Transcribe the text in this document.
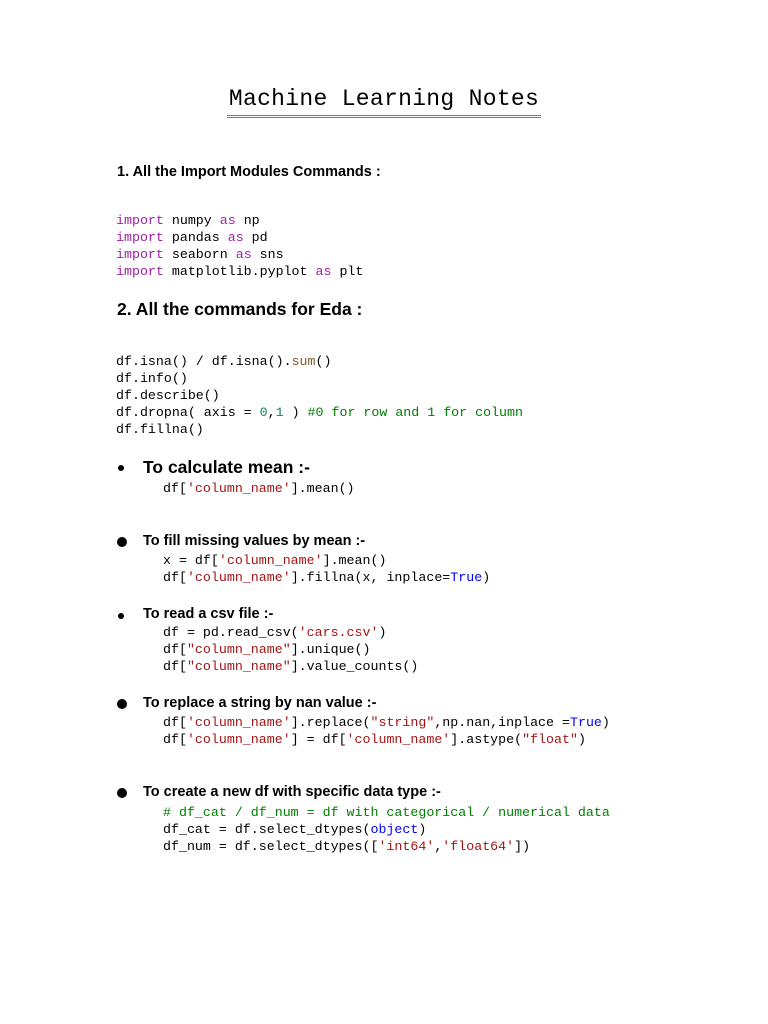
Machine Learning Notes
1. All the Import Modules Commands :
import numpy as np
import pandas as pd
import seaborn as sns
import matplotlib.pyplot as plt
2. All the commands for Eda :
df.isna() / df.isna().sum()
df.info()
df.describe()
df.dropna( axis = 0,1 ) #0 for row and 1 for column
df.fillna()
To calculate mean :-
df['column_name'].mean()
To fill missing values by mean :-
x = df['column_name'].mean()
df['column_name'].fillna(x, inplace=True)
To read a csv file :-
df = pd.read_csv('cars.csv')
df["column_name"].unique()
df["column_name"].value_counts()
To replace a string by nan value :-
df['column_name'].replace("string",np.nan,inplace =True)
df['column_name'] = df['column_name'].astype("float")
To create a new df with specific data type :-
# df_cat / df_num = df with categorical / numerical data
df_cat = df.select_dtypes(object)
df_num = df.select_dtypes(['int64','float64'])
